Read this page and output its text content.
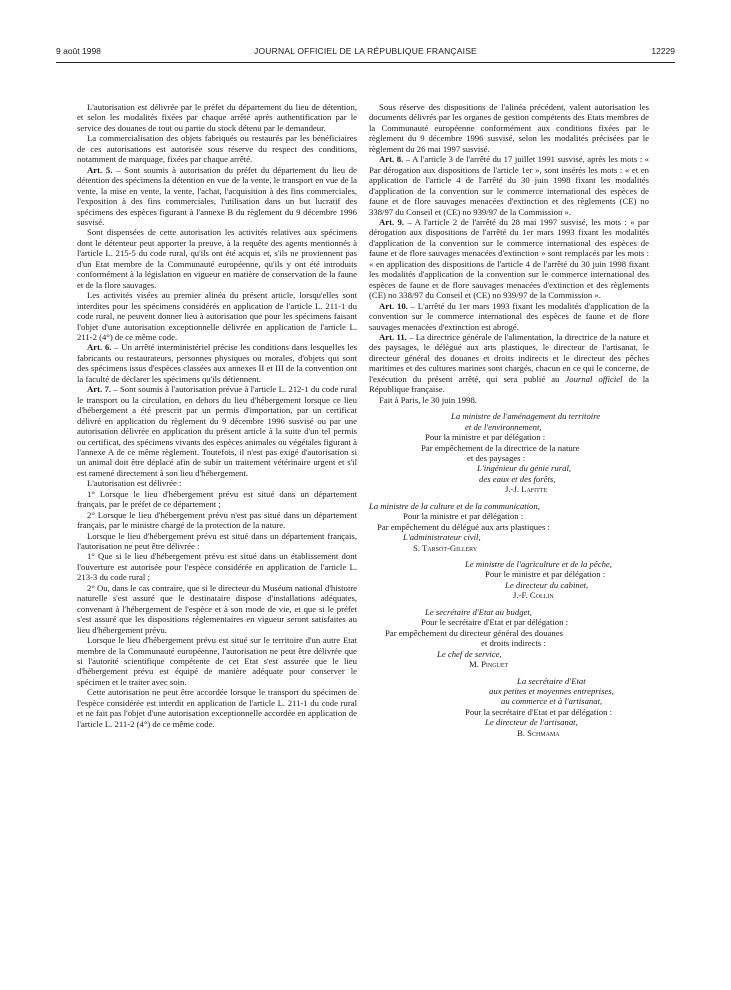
9 août 1998	JOURNAL OFFICIEL DE LA RÉPUBLIQUE FRANÇAISE	12229

L'autorisation est délivrée par le préfet du département du lieu de détention, et selon les modalités fixées par chaque arrêté après authentification par le service des douanes de tout ou partie du stock détenu par le demandeur.

La commercialisation des objets fabriqués ou restaurés par les bénéficiaires de ces autorisations est autorisée sous réserve du respect des conditions, notamment de marquage, fixées par chaque arrêté.

Art. 5. – Sont soumis à autorisation du préfet du département du lieu de détention des spécimens la détention en vue de la vente, le transport en vue de la vente, la mise en vente, la vente, l'achat, l'acquisition à des fins commerciales, l'exposition à des fins commerciales, l'utilisation dans un but lucratif des spécimens des espèces figurant à l'annexe B du règlement du 9 décembre 1996 susvisé.

Sont dispensées de cette autorisation les activités relatives aux spécimens dont le détenteur peut apporter la preuve, à la requête des agents mentionnés à l'article L. 215-5 du code rural, qu'ils ont été acquis et, s'ils ne proviennent pas d'un Etat membre de la Communauté européenne, qu'ils y ont été introduits conformément à la législation en vigueur en matière de conservation de la faune et de la flore sauvages.

Les activités visées au premier alinéa du présent article, lorsqu'elles sont interdites pour les spécimens considérés en application de l'article L. 211-1 du code rural, ne peuvent donner lieu à autorisation que pour les spécimens faisant l'objet d'une autorisation exceptionnelle délivrée en application de l'article L. 211-2 (4°) de ce même code.

Art. 6. – Un arrêté interministériel précise les conditions dans lesquelles les fabricants ou restaurateurs, personnes physiques ou morales, d'objets qui sont des spécimens issus d'espèces classées aux annexes II et III de la convention ont la faculté de déclarer les spécimens qu'ils détiennent.

Art. 7. – Sont soumis à l'autorisation prévue à l'article L. 212-1 du code rural le transport ou la circulation, en dehors du lieu d'hébergement lorsque ce lieu d'hébergement a été prescrit par un permis d'importation, par un certificat délivré en application du règlement du 9 décembre 1996 susvisé ou par une autorisation délivrée en application du présent article à la suite d'un tel permis ou certificat, des spécimens vivants des espèces animales ou végétales figurant à l'annexe A de ce même règlement. Toutefois, il n'est pas exigé d'autorisation si un animal doit être déplacé afin de subir un traitement vétérinaire urgent et s'il est ramené directement à son lieu d'hébergement.

L'autorisation est délivrée :

1° Lorsque le lieu d'hébergement prévu est situé dans un département français, par le préfet de ce département ;

2° Lorsque le lieu d'hébergement prévu n'est pas situé dans un département français, par le ministre chargé de la protection de la nature.

Lorsque le lieu d'hébergement prévu est situé dans un département français, l'autorisation ne peut être délivrée :

1° Que si le lieu d'hébergement prévu est situé dans un établissement dont l'ouverture est autorisée pour l'espèce considérée en application de l'article L. 213-3 du code rural ;

2° Ou, dans le cas contraire, que si le directeur du Muséum national d'histoire naturelle s'est assuré que le destinataire dispose d'installations adéquates, convenant à l'hébergement de l'espèce et à son mode de vie, et que si le préfet s'est assuré que les dispositions réglementaires en vigueur seront satisfaites au lieu d'hébergement prévu.

Lorsque le lieu d'hébergement prévu est situé sur le territoire d'un autre Etat membre de la Communauté européenne, l'autorisation ne peut être délivrée que si l'autorité scientifique compétente de cet Etat s'est assurée que le lieu d'hébergement prévu est équipé de manière adéquate pour conserver le spécimen et le traiter avec soin.

Cette autorisation ne peut être accordée lorsque le transport du spécimen de l'espèce considérée est interdit en application de l'article L. 211-1 du code rural et ne fait pas l'objet d'une autorisation exceptionnelle accordée en application de l'article L. 211-2 (4°) de ce même code.

Sous réserve des dispositions de l'alinéa précédent, valent autorisation les documents délivrés par les organes de gestion compétents des Etats membres de la Communauté européenne conformément aux conditions fixées par le règlement du 9 décembre 1996 susvisé, selon les modalités précisées par le règlement du 26 mai 1997 susvisé.

Art. 8. – A l'article 3 de l'arrêté du 17 juillet 1991 susvisé, après les mots : « Par dérogation aux dispositions de l'article 1er », sont insérés les mots : « et en application de l'article 4 de l'arrêté du 30 juin 1998 fixant les modalités d'application de la convention sur le commerce international des espèces de faune et de flore sauvages menacées d'extinction et des règlements (CE) no 338/97 du Conseil et (CE) no 939/97 de la Commission ».

Art. 9. – A l'article 2 de l'arrêté du 28 mai 1997 susvisé, les mots : « par dérogation aux dispositions de l'arrêté du 1er mars 1993 fixant les modalités d'application de la convention sur le commerce international des espèces de faune et de flore sauvages menacées d'extinction » sont remplacés par les mots : « en application des dispositions de l'article 4 de l'arrêté du 30 juin 1998 fixant les modalités d'application de la convention sur le commerce international des espèces de faune et de flore sauvages menacées d'extinction et des règlements (CE) no 338/97 du Conseil et (CE) no 939/97 de la Commission ».

Art. 10. – L'arrêté du 1er mars 1993 fixant les modalités d'application de la convention sur le commerce international des espèces de faune et de flore sauvages menacées d'extinction est abrogé.

Art. 11. – La directrice générale de l'alimentation, la directrice de la nature et des paysages, le délégué aux arts plastiques, le directeur de l'artisanat, le directeur général des douanes et droits indirects et le directeur des pêches maritimes et des cultures marines sont chargés, chacun en ce qui le concerne, de l'exécution du présent arrêté, qui sera publié au Journal officiel de la République française.

Fait à Paris, le 30 juin 1998.

La ministre de l'aménagement du territoire

et de l'environnement,

Pour la ministre et par délégation :

Par empêchement de la directrice de la nature

et des paysages :

L'ingénieur du génie rural,

des eaux et des forêts,

J.-J. Lafitte

La ministre de la culture et de la communication,

Pour la ministre et par délégation :

Par empêchement du délégué aux arts plastiques :

L'administrateur civil,

S. Tarsot-Gillery

Le ministre de l'agriculture et de la pêche,

Pour le ministre et par délégation :

Le directeur du cabinet,

J.-F. Collin

Le secrétaire d'Etat au budget,

Pour le secrétaire d'Etat et par délégation :

Par empêchement du directeur général des douanes

et droits indirects :

Le chef de service,

M. Pinguet

La secrétaire d'Etat

aux petites et moyennes entreprises,

au commerce et à l'artisanat,

Pour la secrétaire d'Etat et par délégation :

Le directeur de l'artisanat,

B. Schmama
